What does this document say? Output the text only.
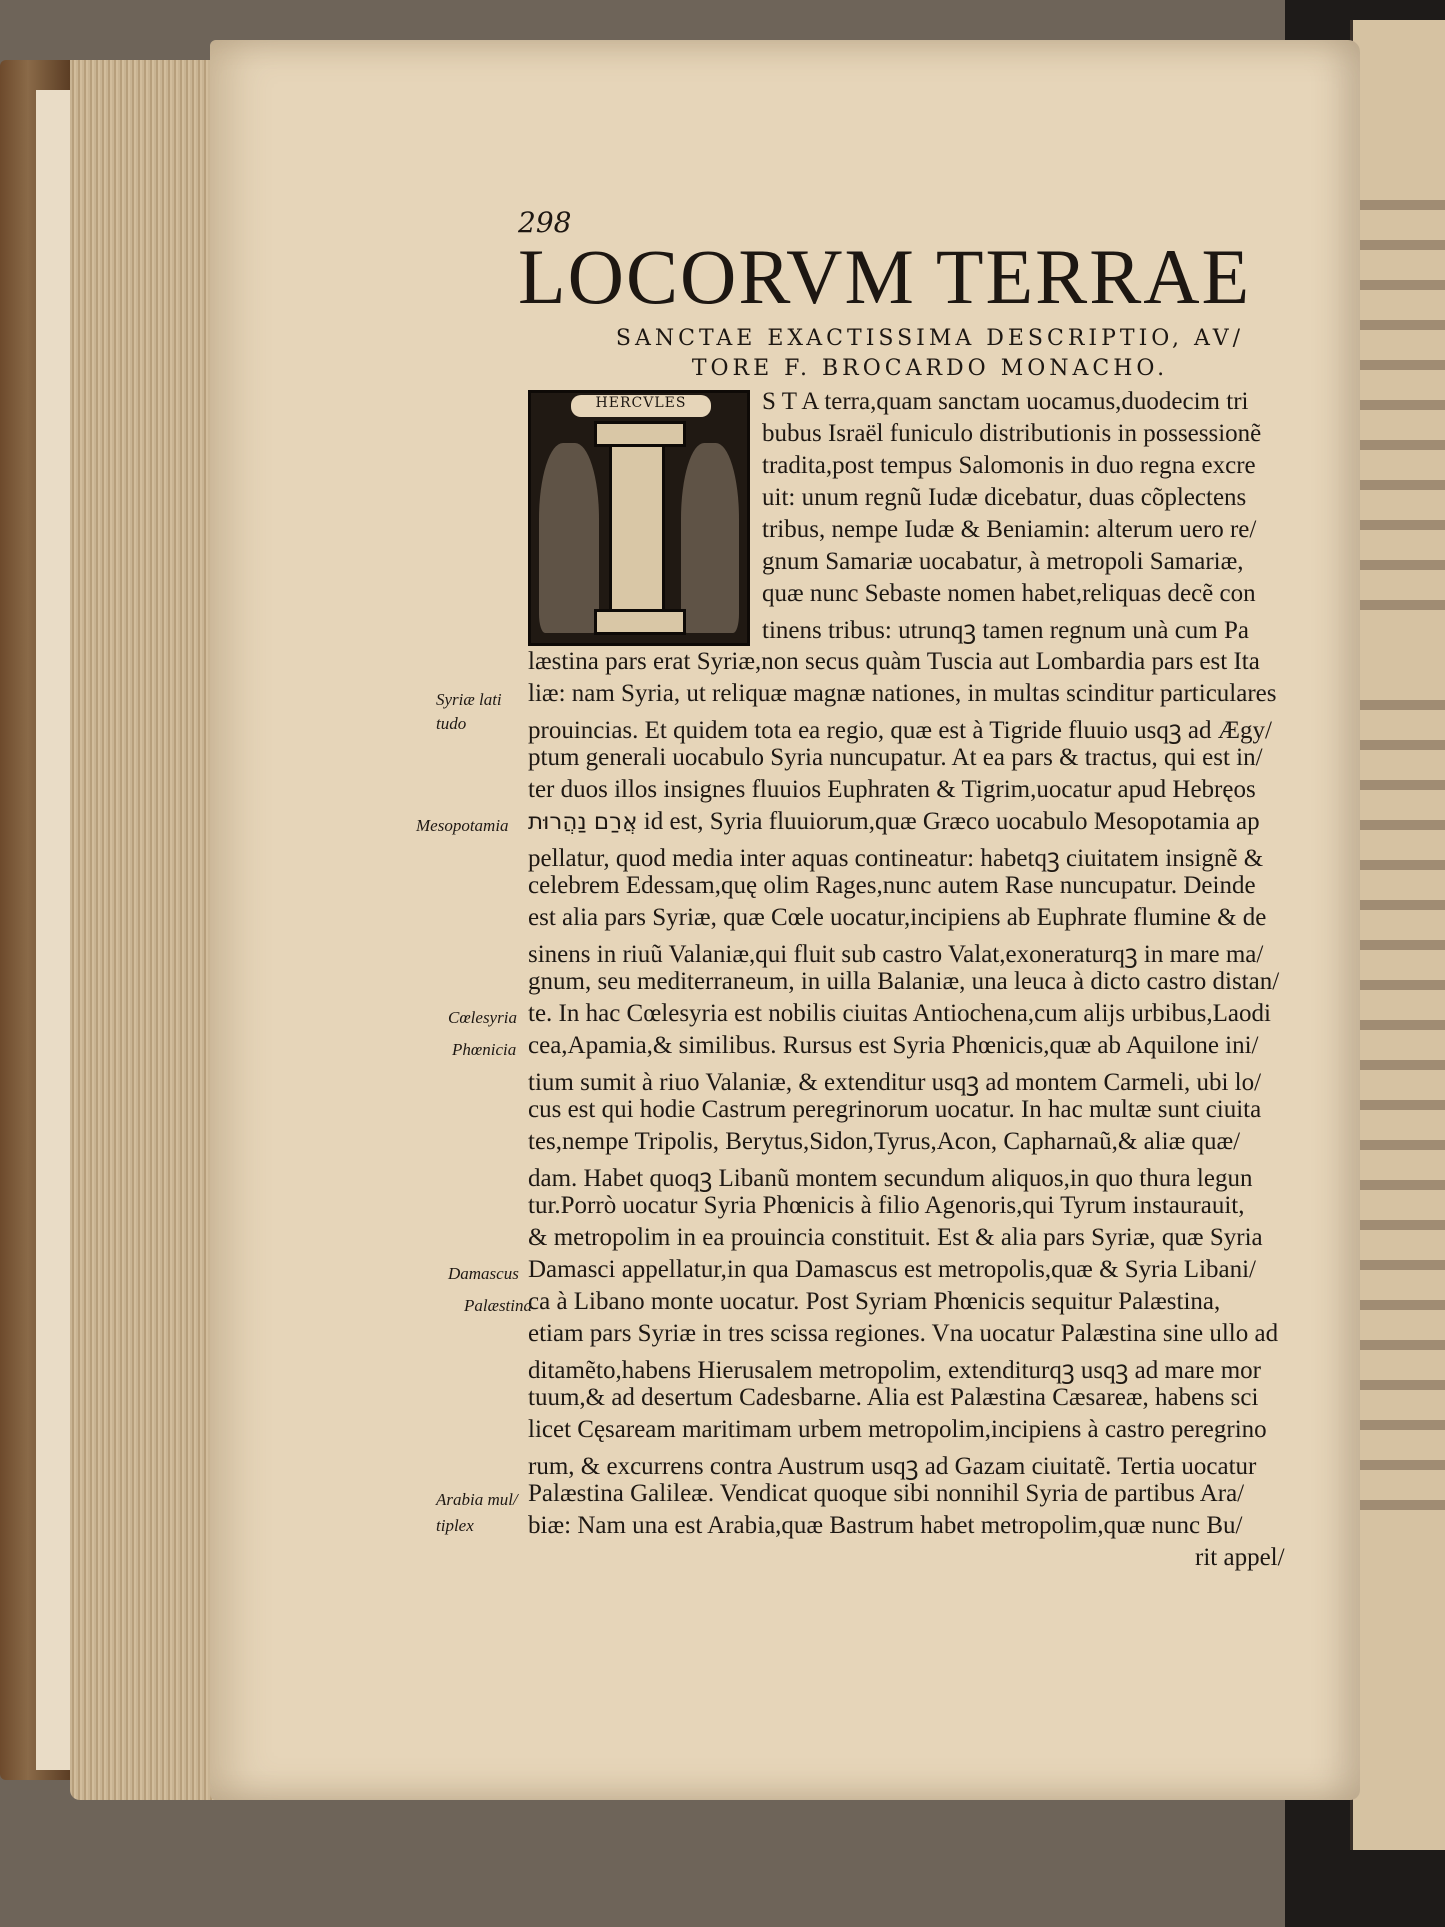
298
LOCORVM TERRAE
SANCTAE EXACTISSIMA DESCRIPTIO, AV/
TORE F. BROCARDO MONACHO.
HERCVLES	S T A terra,quam sanctam uocamus,duodecim tri
bubus Israël funiculo distributionis in possessionẽ
tradita,post tempus Salomonis in duo regna excre
uit: unum regnũ Iudæ dicebatur, duas cõplectens
tribus, nempe Iudæ & Beniamin: alterum uero re/
gnum Samariæ uocabatur, à metropoli Samariæ,
quæ nunc Sebaste nomen habet,reliquas decẽ con
tinens tribus: utrunqꝫ tamen regnum unà cum Pa
læstina pars erat Syriæ,non secus quàm Tuscia aut Lombardia pars est Ita
liæ: nam Syria, ut reliquæ magnæ nationes, in multas scinditur particulares
prouincias. Et quidem tota ea regio, quæ est à Tigride fluuio usqꝫ ad Ægy/
ptum generali uocabulo Syria nuncupatur. At ea pars & tractus, qui est in/
ter duos illos insignes fluuios Euphraten & Tigrim,uocatur apud Hebręos
אֲרַם נַהֲרוּת id est, Syria fluuiorum,quæ Græco uocabulo Mesopotamia ap
pellatur, quod media inter aquas contineatur: habetqꝫ ciuitatem insignẽ &
celebrem Edessam,quę olim Rages,nunc autem Rase nuncupatur. Deinde
est alia pars Syriæ, quæ Cœle uocatur,incipiens ab Euphrate flumine & de
sinens in riuũ Valaniæ,qui fluit sub castro Valat,exoneraturqꝫ in mare ma/
gnum, seu mediterraneum, in uilla Balaniæ, una leuca à dicto castro distan/
te. In hac Cœlesyria est nobilis ciuitas Antiochena,cum alijs urbibus,Laodi
cea,Apamia,& similibus. Rursus est Syria Phœnicis,quæ ab Aquilone ini/
tium sumit à riuo Valaniæ, & extenditur usqꝫ ad montem Carmeli, ubi lo/
cus est qui hodie Castrum peregrinorum uocatur. In hac multæ sunt ciuita
tes,nempe Tripolis, Berytus,Sidon,Tyrus,Acon, Capharnaũ,& aliæ quæ/
dam. Habet quoqꝫ Libanũ montem secundum aliquos,in quo thura legun
tur.Porrò uocatur Syria Phœnicis à filio Agenoris,qui Tyrum instaurauit,
& metropolim in ea prouincia constituit. Est & alia pars Syriæ, quæ Syria
Damasci appellatur,in qua Damascus est metropolis,quæ & Syria Libani/
ca à Libano monte uocatur. Post Syriam Phœnicis sequitur Palæstina,
etiam pars Syriæ in tres scissa regiones. Vna uocatur Palæstina sine ullo ad
ditamẽto,habens Hierusalem metropolim, extenditurqꝫ usqꝫ ad mare mor
tuum,& ad desertum Cadesbarne. Alia est Palæstina Cæsareæ, habens sci
licet Cęsaream maritimam urbem metropolim,incipiens à castro peregrino
rum, & excurrens contra Austrum usqꝫ ad Gazam ciuitatẽ. Tertia uocatur
Palæstina Galileæ. Vendicat quoque sibi nonnihil Syria de partibus Ara/
biæ: Nam una est Arabia,quæ Bastrum habet metropolim,quæ nunc Bu/
rit appel/
Syriæ lati
tudo
Mesopotamia
Cœlesyria
Phœnicia
Damascus
Palæstina
Arabia mul/
tiplex
